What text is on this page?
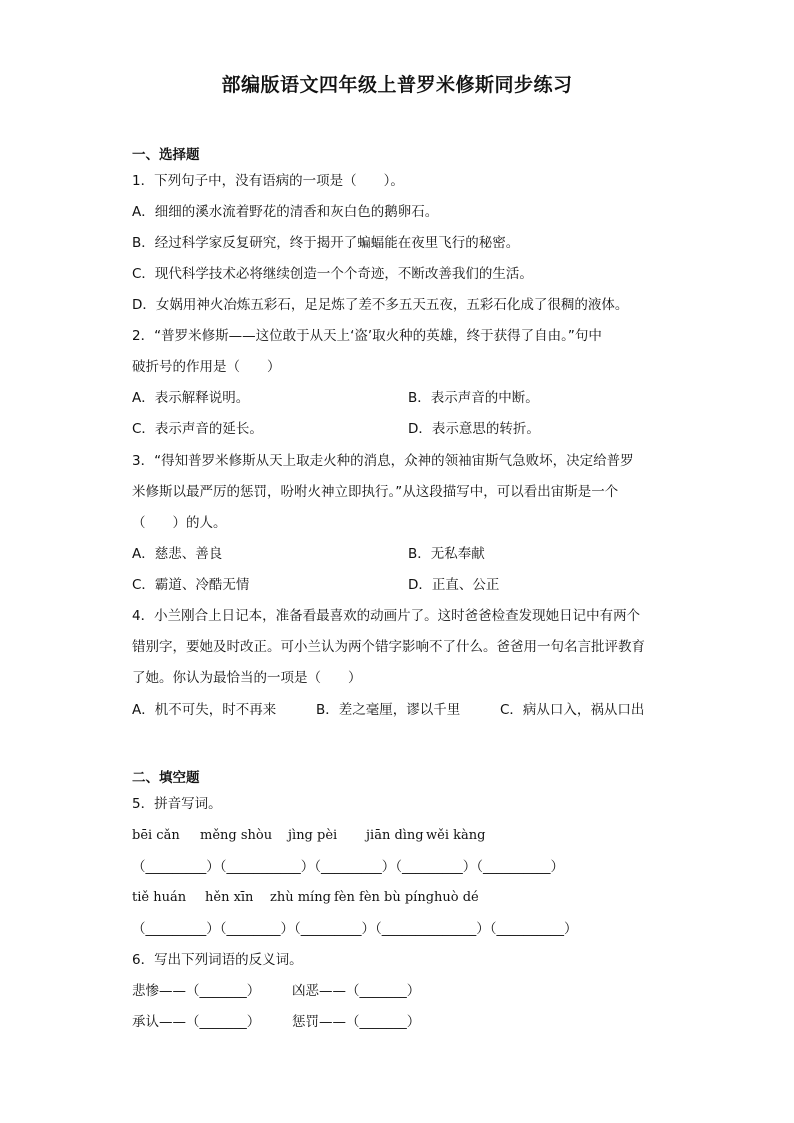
部编版语文四年级上普罗米修斯同步练习
一、选择题
1．下列句子中，没有语病的一项是（　　）。
A．细细的溪水流着野花的清香和灰白色的鹅卵石。
B．经过科学家反复研究，终于揭开了蝙蝠能在夜里飞行的秘密。
C．现代科学技术必将继续创造一个个奇迹，不断改善我们的生活。
D．女娲用神火冶炼五彩石，足足炼了差不多五天五夜，五彩石化成了很稠的液体。
2．“普罗米修斯——这位敢于从天上‘盗’取火种的英雄，终于获得了自由。”句中
破折号的作用是（　　）
A．表示解释说明。	B．表示声音的中断。
C．表示声音的延长。	D．表示意思的转折。
3．“得知普罗米修斯从天上取走火种的消息，众神的领袖宙斯气急败坏，决定给普罗
米修斯以最严厉的惩罚，吩咐火神立即执行。”从这段描写中，可以看出宙斯是一个
（　　）的人。
A．慈悲、善良	B．无私奉献
C．霸道、冷酷无情	D．正直、公正
4．小兰刚合上日记本，准备看最喜欢的动画片了。这时爸爸检查发现她日记中有两个
错别字，要她及时改正。可小兰认为两个错字影响不了什么。爸爸用一句名言批评教育
了她。你认为最恰当的一项是（　　）
A．机不可失，时不再来	B．差之毫厘，谬以千里	C．病从口入，祸从口出
二、填空题
5．拼音写词。
bēi cǎn měng shòu jìng pèi jiān dìng wěi kàng
（_________）（___________）（_________）（_________）（__________）
tiě huán hěn xīn zhù míng fèn fèn bù píng huò dé
（_________）（________）（_________）（______________）（__________）
6．写出下列词语的反义词。
悲惨——（_______） 凶恶——（_______）
承认——（_______） 惩罚——（_______）
